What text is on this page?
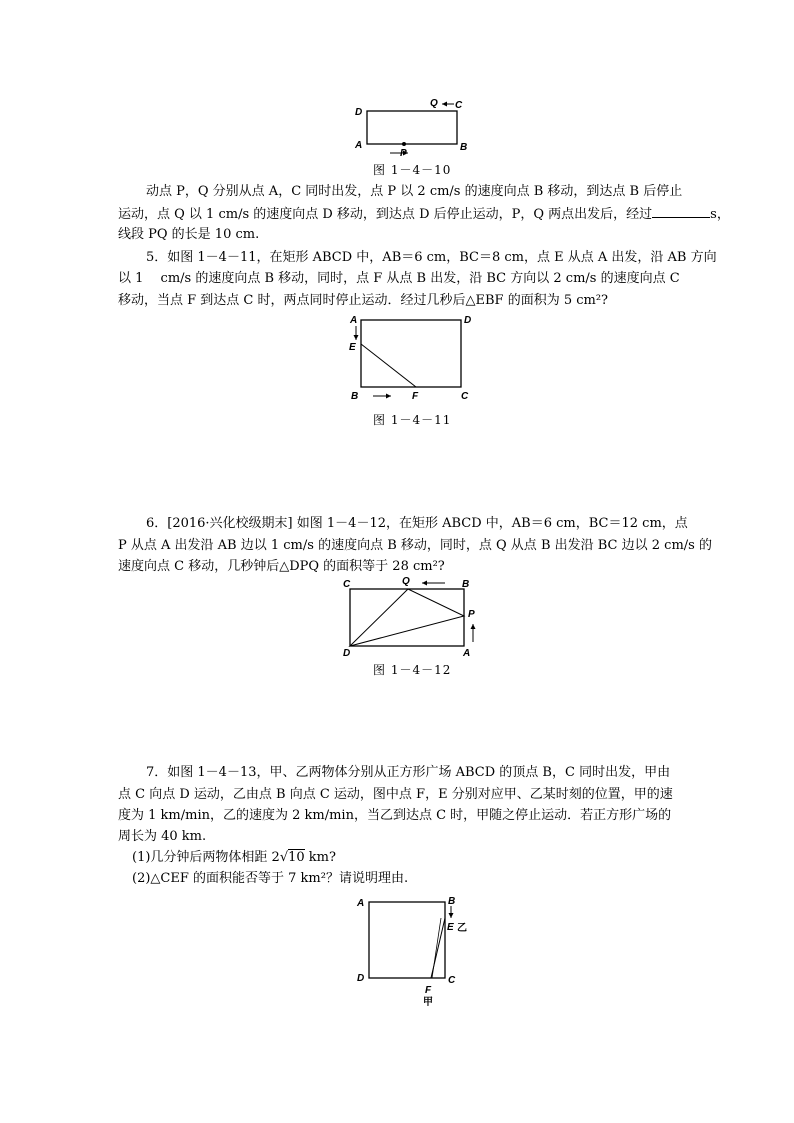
D
A	B
C
Q
P
图 1－4－10
动点 P，Q 分别从点 A，C 同时出发，点 P 以 2 cm/s 的速度向点 B 移动，到达点 B 后停止
运动，点 Q 以 1 cm/s 的速度向点 D 移动，到达点 D 后停止运动，P，Q 两点出发后，经过	s，
线段 PQ 的长是 10 cm.
5．如图 1－4－11，在矩形 ABCD 中，AB＝6 cm，BC＝8 cm，点 E 从点 A 出发，沿 AB 方向
以 1　 cm/s 的速度向点 B 移动，同时，点 F 从点 B 出发，沿 BC 方向以 2 cm/s 的速度向点 C
移动，当点 F 到达点 C 时，两点同时停止运动．经过几秒后△EBF 的面积为 5 cm²?
A
E
D
B	F	C
图 1－4－11
6．[2016·兴化校级期末] 如图 1－4－12，在矩形 ABCD 中，AB＝6 cm，BC＝12 cm，点
P 从点 A 出发沿 AB 边以 1 cm/s 的速度向点 B 移动，同时，点 Q 从点 B 出发沿 BC 边以 2 cm/s 的
速度向点 C 移动，几秒钟后△DPQ 的面积等于 28 cm²?
C	Q	B
P
D	A
图 1－4－12
7．如图 1－4－13，甲、乙两物体分别从正方形广场 ABCD 的顶点 B，C 同时出发，甲由
点 C 向点 D 运动，乙由点 B 向点 C 运动，图中点 F，E 分别对应甲、乙某时刻的位置，甲的速
度为 1 km/min，乙的速度为 2 km/min，当乙到达点 C 时，甲随之停止运动．若正方形广场的
周长为 40 km.
(1)几分钟后两物体相距 2√10 km?
(2)△CEF 的面积能否等于 7 km²？请说明理由.
A	B
E 乙
D	C
F
甲
